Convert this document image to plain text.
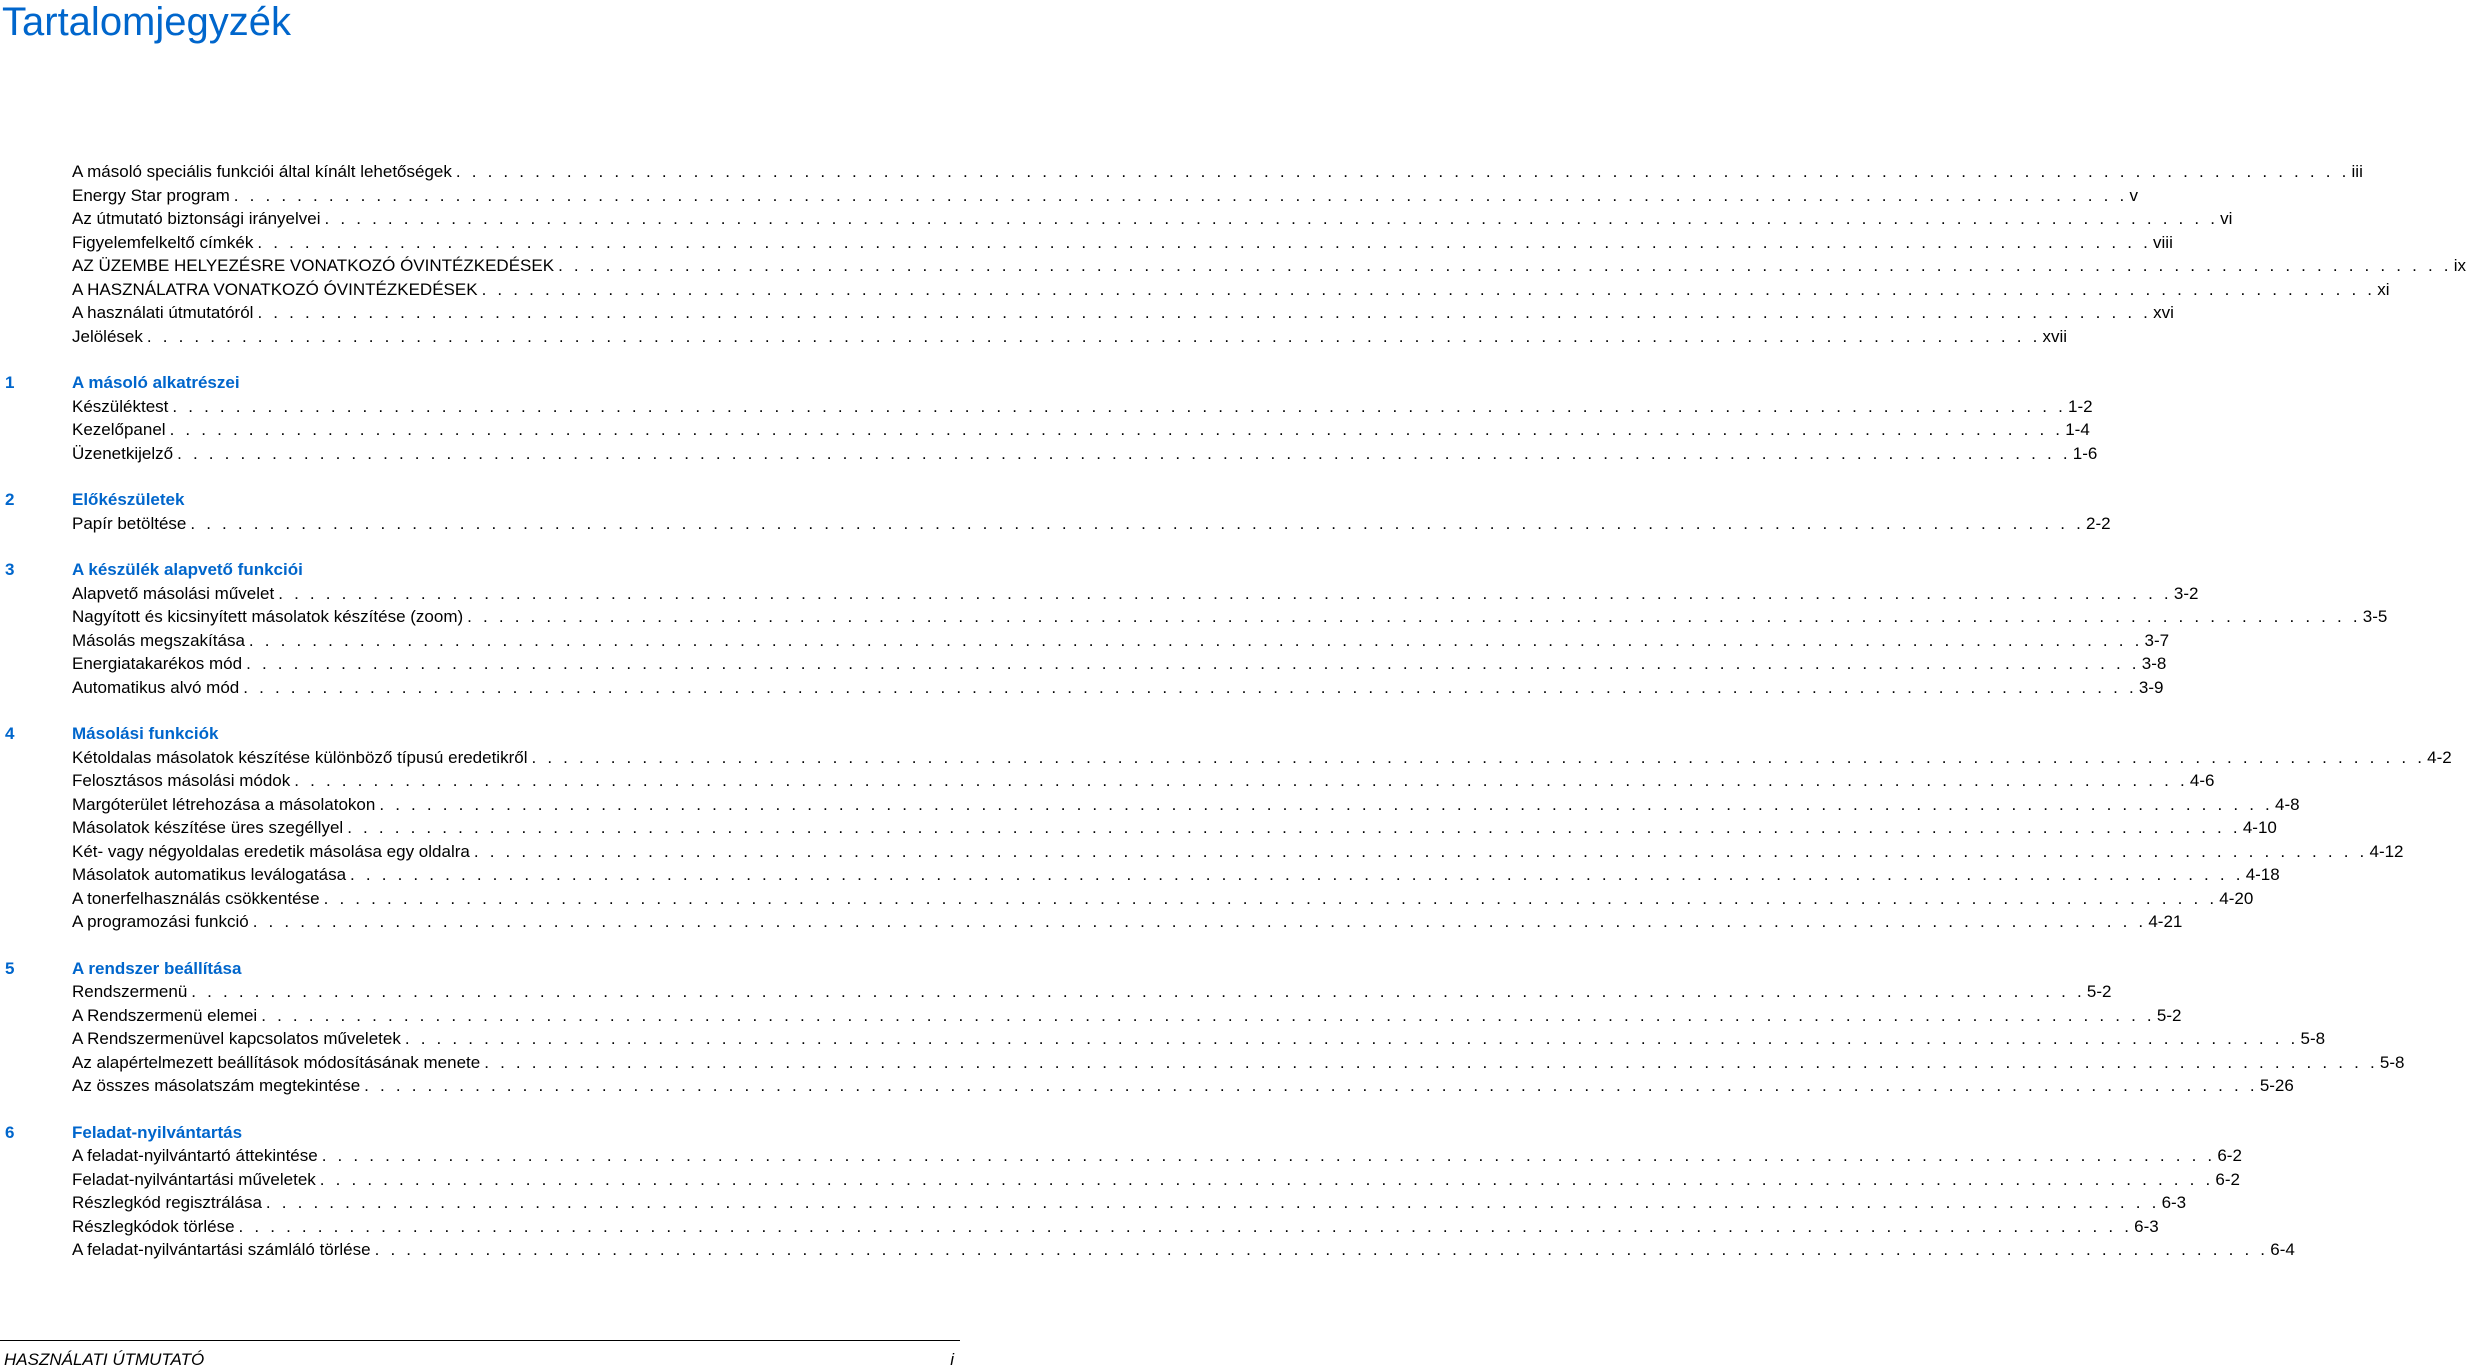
Tartalomjegyzék
A másoló speciális funkciói által kínált lehetőségek . . . . . . . . . . . . . . . . . . . . . . . . . . . . . . . . . . . . . . . . . . . . . . . . . . . . . . . . . . . . . . . . . . . . . . . . . . . . . . . . . . . . . . . . . . . . . . . . . . . . . . . . . . . . . . . . . . . . . . . . iii
Energy Star program . . . . . . . . . . . . . . . . . . . . . . . . . . . . . . . . . . . . . . . . . . . . . . . . . . . . . . . . . . . . . . . . . . . . . . . . . . . . . . . . . . . . . . . . . . . . . . . . . . . . . . . . . . . . . . . . . . . . . . . . v
Az útmutató biztonsági irányelvei . . . . . . . . . . . . . . . . . . . . . . . . . . . . . . . . . . . . . . . . . . . . . . . . . . . . . . . . . . . . . . . . . . . . . . . . . . . . . . . . . . . . . . . . . . . . . . . . . . . . . . . . . . . . . . . . . . . . . . . . vi
Figyelemfelkeltő címkék . . . . . . . . . . . . . . . . . . . . . . . . . . . . . . . . . . . . . . . . . . . . . . . . . . . . . . . . . . . . . . . . . . . . . . . . . . . . . . . . . . . . . . . . . . . . . . . . . . . . . . . . . . . . . . . . . . . . . . . . viii
AZ ÜZEMBE HELYEZÉSRE VONATKOZÓ ÓVINTÉZKEDÉSEK . . . . . . . . . . . . . . . . . . . . . . . . . . . . . . . . . . . . . . . . . . . . . . . . . . . . . . . . . . . . . . . . . . . . . . . . . . . . . . . . . . . . . . . . . . . . . . . . . . . . . . . . . . . . . . . . . . . . . . . . ix
A HASZNÁLATRA VONATKOZÓ ÓVINTÉZKEDÉSEK . . . . . . . . . . . . . . . . . . . . . . . . . . . . . . . . . . . . . . . . . . . . . . . . . . . . . . . . . . . . . . . . . . . . . . . . . . . . . . . . . . . . . . . . . . . . . . . . . . . . . . . . . . . . . . . . . . . . . . . . xi
A használati útmutatóról . . . . . . . . . . . . . . . . . . . . . . . . . . . . . . . . . . . . . . . . . . . . . . . . . . . . . . . . . . . . . . . . . . . . . . . . . . . . . . . . . . . . . . . . . . . . . . . . . . . . . . . . . . . . . . . . . . . . . . . . xvi
Jelölések . . . . . . . . . . . . . . . . . . . . . . . . . . . . . . . . . . . . . . . . . . . . . . . . . . . . . . . . . . . . . . . . . . . . . . . . . . . . . . . . . . . . . . . . . . . . . . . . . . . . . . . . . . . . . . . . . . . . . . . . xvii
1	A másoló alkatrészei
Készüléktest . . . . . . . . . . . . . . . . . . . . . . . . . . . . . . . . . . . . . . . . . . . . . . . . . . . . . . . . . . . . . . . . . . . . . . . . . . . . . . . . . . . . . . . . . . . . . . . . . . . . . . . . . . . . . . . . . . . . . . . . 1-2
Kezelőpanel . . . . . . . . . . . . . . . . . . . . . . . . . . . . . . . . . . . . . . . . . . . . . . . . . . . . . . . . . . . . . . . . . . . . . . . . . . . . . . . . . . . . . . . . . . . . . . . . . . . . . . . . . . . . . . . . . . . . . . . . 1-4
Üzenetkijelző . . . . . . . . . . . . . . . . . . . . . . . . . . . . . . . . . . . . . . . . . . . . . . . . . . . . . . . . . . . . . . . . . . . . . . . . . . . . . . . . . . . . . . . . . . . . . . . . . . . . . . . . . . . . . . . . . . . . . . . . 1-6
2	Előkészületek
Papír betöltése . . . . . . . . . . . . . . . . . . . . . . . . . . . . . . . . . . . . . . . . . . . . . . . . . . . . . . . . . . . . . . . . . . . . . . . . . . . . . . . . . . . . . . . . . . . . . . . . . . . . . . . . . . . . . . . . . . . . . . . . 2-2
3	A készülék alapvető funkciói
Alapvető másolási művelet . . . . . . . . . . . . . . . . . . . . . . . . . . . . . . . . . . . . . . . . . . . . . . . . . . . . . . . . . . . . . . . . . . . . . . . . . . . . . . . . . . . . . . . . . . . . . . . . . . . . . . . . . . . . . . . . . . . . . . . . 3-2
Nagyított és kicsinyített másolatok készítése (zoom) . . . . . . . . . . . . . . . . . . . . . . . . . . . . . . . . . . . . . . . . . . . . . . . . . . . . . . . . . . . . . . . . . . . . . . . . . . . . . . . . . . . . . . . . . . . . . . . . . . . . . . . . . . . . . . . . . . . . . . . . 3-5
Másolás megszakítása . . . . . . . . . . . . . . . . . . . . . . . . . . . . . . . . . . . . . . . . . . . . . . . . . . . . . . . . . . . . . . . . . . . . . . . . . . . . . . . . . . . . . . . . . . . . . . . . . . . . . . . . . . . . . . . . . . . . . . . . 3-7
Energiatakarékos mód . . . . . . . . . . . . . . . . . . . . . . . . . . . . . . . . . . . . . . . . . . . . . . . . . . . . . . . . . . . . . . . . . . . . . . . . . . . . . . . . . . . . . . . . . . . . . . . . . . . . . . . . . . . . . . . . . . . . . . . . 3-8
Automatikus alvó mód . . . . . . . . . . . . . . . . . . . . . . . . . . . . . . . . . . . . . . . . . . . . . . . . . . . . . . . . . . . . . . . . . . . . . . . . . . . . . . . . . . . . . . . . . . . . . . . . . . . . . . . . . . . . . . . . . . . . . . . . 3-9
4	Másolási funkciók
Kétoldalas másolatok készítése különböző típusú eredetikről . . . . . . . . . . . . . . . . . . . . . . . . . . . . . . . . . . . . . . . . . . . . . . . . . . . . . . . . . . . . . . . . . . . . . . . . . . . . . . . . . . . . . . . . . . . . . . . . . . . . . . . . . . . . . . . . . . . . . . . . 4-2
Felosztásos másolási módok . . . . . . . . . . . . . . . . . . . . . . . . . . . . . . . . . . . . . . . . . . . . . . . . . . . . . . . . . . . . . . . . . . . . . . . . . . . . . . . . . . . . . . . . . . . . . . . . . . . . . . . . . . . . . . . . . . . . . . . . 4-6
Margóterület létrehozása a másolatokon . . . . . . . . . . . . . . . . . . . . . . . . . . . . . . . . . . . . . . . . . . . . . . . . . . . . . . . . . . . . . . . . . . . . . . . . . . . . . . . . . . . . . . . . . . . . . . . . . . . . . . . . . . . . . . . . . . . . . . . . 4-8
Másolatok készítése üres szegéllyel . . . . . . . . . . . . . . . . . . . . . . . . . . . . . . . . . . . . . . . . . . . . . . . . . . . . . . . . . . . . . . . . . . . . . . . . . . . . . . . . . . . . . . . . . . . . . . . . . . . . . . . . . . . . . . . . . . . . . . . . 4-10
Két- vagy négyoldalas eredetik másolása egy oldalra . . . . . . . . . . . . . . . . . . . . . . . . . . . . . . . . . . . . . . . . . . . . . . . . . . . . . . . . . . . . . . . . . . . . . . . . . . . . . . . . . . . . . . . . . . . . . . . . . . . . . . . . . . . . . . . . . . . . . . . . 4-12
Másolatok automatikus leválogatása . . . . . . . . . . . . . . . . . . . . . . . . . . . . . . . . . . . . . . . . . . . . . . . . . . . . . . . . . . . . . . . . . . . . . . . . . . . . . . . . . . . . . . . . . . . . . . . . . . . . . . . . . . . . . . . . . . . . . . . . 4-18
A tonerfelhasználás csökkentése . . . . . . . . . . . . . . . . . . . . . . . . . . . . . . . . . . . . . . . . . . . . . . . . . . . . . . . . . . . . . . . . . . . . . . . . . . . . . . . . . . . . . . . . . . . . . . . . . . . . . . . . . . . . . . . . . . . . . . . . 4-20
A programozási funkció . . . . . . . . . . . . . . . . . . . . . . . . . . . . . . . . . . . . . . . . . . . . . . . . . . . . . . . . . . . . . . . . . . . . . . . . . . . . . . . . . . . . . . . . . . . . . . . . . . . . . . . . . . . . . . . . . . . . . . . . 4-21
5	A rendszer beállítása
Rendszermenü . . . . . . . . . . . . . . . . . . . . . . . . . . . . . . . . . . . . . . . . . . . . . . . . . . . . . . . . . . . . . . . . . . . . . . . . . . . . . . . . . . . . . . . . . . . . . . . . . . . . . . . . . . . . . . . . . . . . . . . . 5-2
A Rendszermenü elemei . . . . . . . . . . . . . . . . . . . . . . . . . . . . . . . . . . . . . . . . . . . . . . . . . . . . . . . . . . . . . . . . . . . . . . . . . . . . . . . . . . . . . . . . . . . . . . . . . . . . . . . . . . . . . . . . . . . . . . . . 5-2
A Rendszermenüvel kapcsolatos műveletek . . . . . . . . . . . . . . . . . . . . . . . . . . . . . . . . . . . . . . . . . . . . . . . . . . . . . . . . . . . . . . . . . . . . . . . . . . . . . . . . . . . . . . . . . . . . . . . . . . . . . . . . . . . . . . . . . . . . . . . . 5-8
Az alapértelmezett beállítások módosításának menete . . . . . . . . . . . . . . . . . . . . . . . . . . . . . . . . . . . . . . . . . . . . . . . . . . . . . . . . . . . . . . . . . . . . . . . . . . . . . . . . . . . . . . . . . . . . . . . . . . . . . . . . . . . . . . . . . . . . . . . . 5-8
Az összes másolatszám megtekintése . . . . . . . . . . . . . . . . . . . . . . . . . . . . . . . . . . . . . . . . . . . . . . . . . . . . . . . . . . . . . . . . . . . . . . . . . . . . . . . . . . . . . . . . . . . . . . . . . . . . . . . . . . . . . . . . . . . . . . . . 5-26
6	Feladat-nyilvántartás
A feladat-nyilvántartó áttekintése . . . . . . . . . . . . . . . . . . . . . . . . . . . . . . . . . . . . . . . . . . . . . . . . . . . . . . . . . . . . . . . . . . . . . . . . . . . . . . . . . . . . . . . . . . . . . . . . . . . . . . . . . . . . . . . . . . . . . . . . 6-2
Feladat-nyilvántartási műveletek . . . . . . . . . . . . . . . . . . . . . . . . . . . . . . . . . . . . . . . . . . . . . . . . . . . . . . . . . . . . . . . . . . . . . . . . . . . . . . . . . . . . . . . . . . . . . . . . . . . . . . . . . . . . . . . . . . . . . . . . 6-2
Részlegkód regisztrálása . . . . . . . . . . . . . . . . . . . . . . . . . . . . . . . . . . . . . . . . . . . . . . . . . . . . . . . . . . . . . . . . . . . . . . . . . . . . . . . . . . . . . . . . . . . . . . . . . . . . . . . . . . . . . . . . . . . . . . . . 6-3
Részlegkódok törlése . . . . . . . . . . . . . . . . . . . . . . . . . . . . . . . . . . . . . . . . . . . . . . . . . . . . . . . . . . . . . . . . . . . . . . . . . . . . . . . . . . . . . . . . . . . . . . . . . . . . . . . . . . . . . . . . . . . . . . . . 6-3
A feladat-nyilvántartási számláló törlése . . . . . . . . . . . . . . . . . . . . . . . . . . . . . . . . . . . . . . . . . . . . . . . . . . . . . . . . . . . . . . . . . . . . . . . . . . . . . . . . . . . . . . . . . . . . . . . . . . . . . . . . . . . . . . . . . . . . . . . . 6-4
HASZNÁLATI ÚTMUTATÓ	i
